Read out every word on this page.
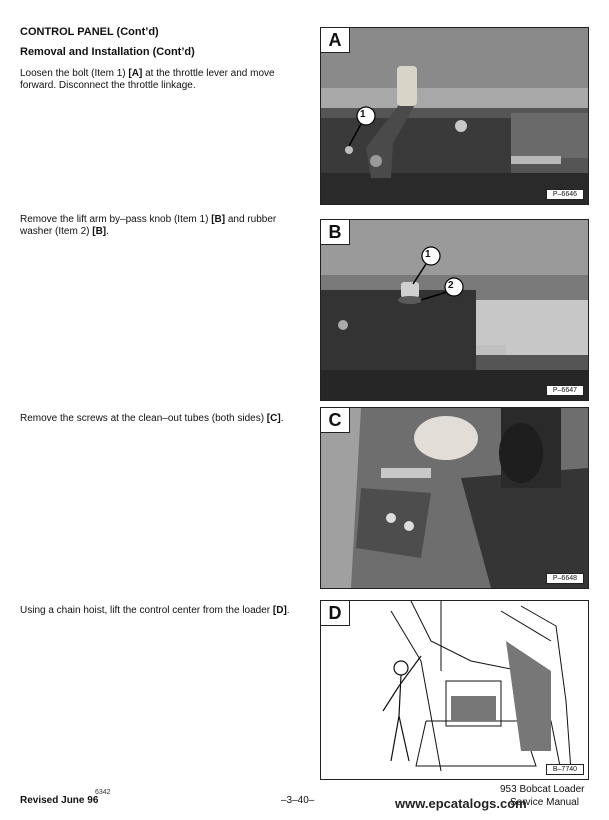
CONTROL PANEL (Cont’d)
Removal and Installation (Cont’d)
Loosen the bolt (Item 1) [A] at the throttle lever and move forward. Disconnect the throttle linkage.
Remove the lift arm by–pass knob (Item 1) [B] and rubber washer (Item 2) [B].
Remove the screws at the clean–out tubes (both sides) [C].
Using a chain hoist, lift the control center from the loader [D].
1
A
P–6646
1
2
B
P–6647
C
P–6648
D
B–7740
Revised June 96
6342
–3–40–
953 Bobcat Loader
Service Manual
www.epcatalogs.com
